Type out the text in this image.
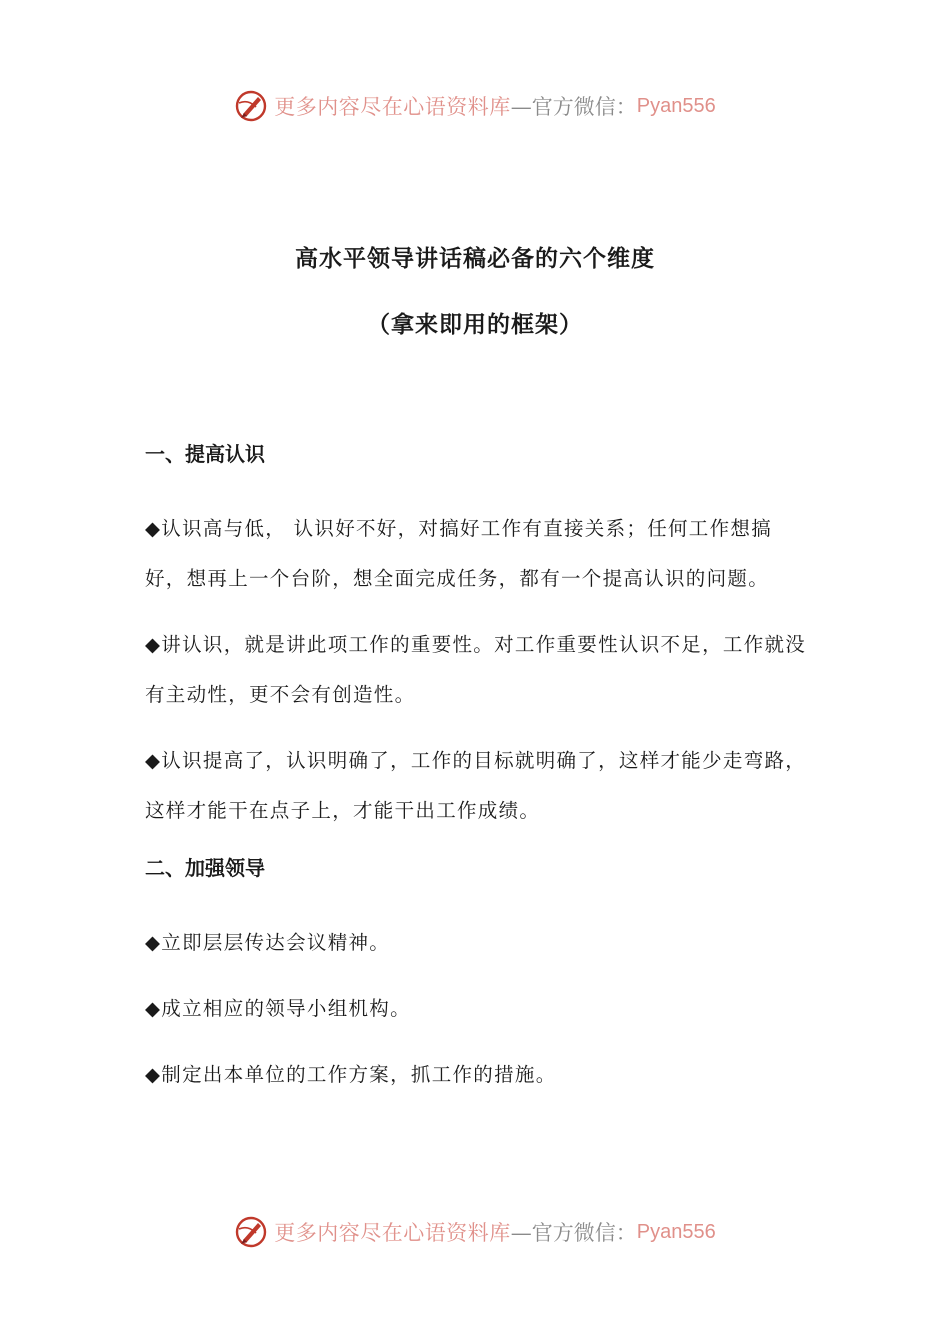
更多内容尽在心语资料库 —官方微信： Pyan556
高水平领导讲话稿必备的六个维度
（拿来即用的框架）

一、提高认识

◆认识高与低， 认识好不好，对搞好工作有直接关系；任何工作想搞好，想再上一个台阶，想全面完成任务，都有一个提高认识的问题。

◆讲认识，就是讲此项工作的重要性。对工作重要性认识不足，工作就没有主动性，更不会有创造性。

◆认识提高了，认识明确了，工作的目标就明确了，这样才能少走弯路，这样才能干在点子上，才能干出工作成绩。

二、加强领导

◆立即层层传达会议精神。

◆成立相应的领导小组机构。

◆制定出本单位的工作方案，抓工作的措施。

更多内容尽在心语资料库 —官方微信： Pyan556
